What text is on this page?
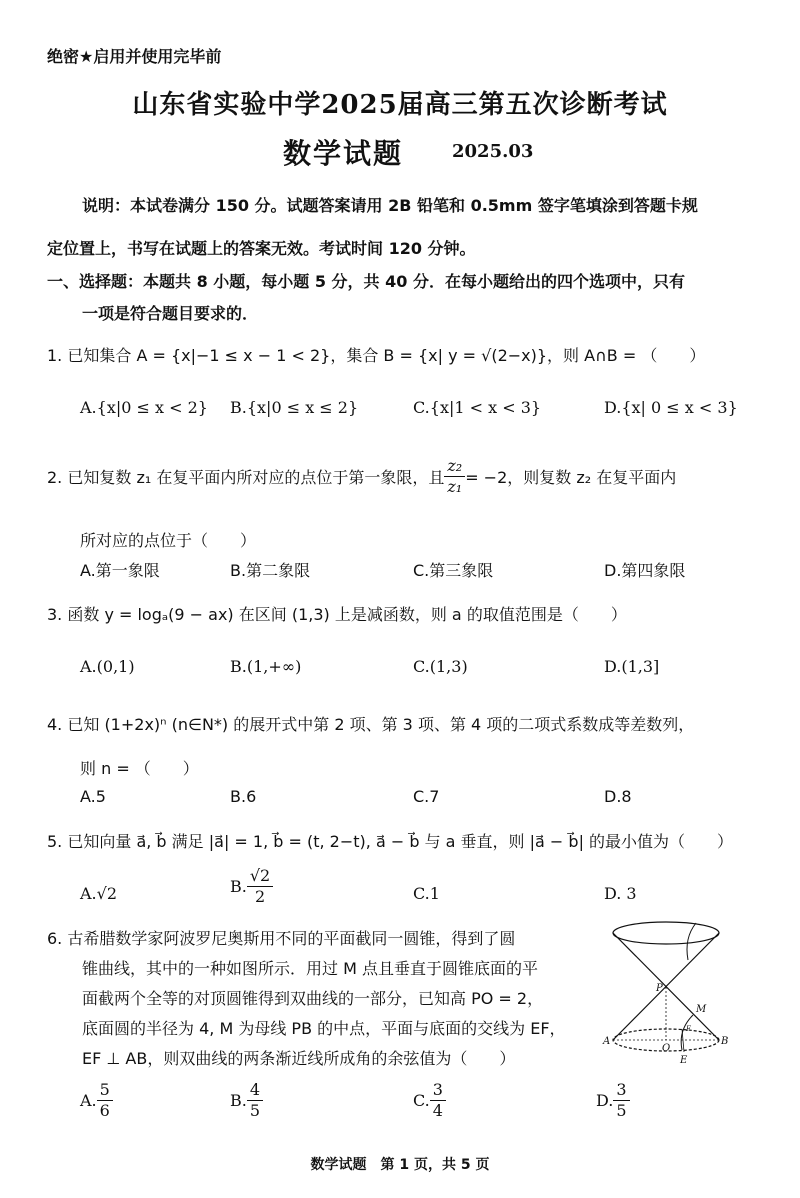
绝密★启用并使用完毕前
山东省实验中学2025届高三第五次诊断考试
数学试题	2025.03
说明：本试卷满分 150 分。试题答案请用 2B 铅笔和 0.5mm 签字笔填涂到答题卡规
定位置上，书写在试题上的答案无效。考试时间 120 分钟。
一、选择题：本题共 8 小题，每小题 5 分，共 40 分．在每小题给出的四个选项中，只有
一项是符合题目要求的．
1. 已知集合 A = {x|−1 ≤ x − 1 < 2}，集合 B = {x| y = √(2−x)}，则 A∩B = （　　）
A.{x|0 ≤ x < 2} B.{x|0 ≤ x ≤ 2}	C.{x|1 < x < 3}	D.{x| 0 ≤ x < 3}
2. 已知复数 z₁ 在复平面内所对应的点位于第一象限，且 $\frac{\text{z₂}}{\text{z₁}} = -2$，则复数 z₂ 在复平面内
所对应的点位于（　　）
A.第一象限	B.第二象限	C.第三象限	D.第四象限
3. 函数 y = logₐ(9 − ax) 在区间 (1,3) 上是减函数，则 a 的取值范围是（　　）
A.(0,1)	B.(1,+∞)	C.(1,3)	D.(1,3]
4. 已知 (1+2x)ⁿ (n∈N*) 的展开式中第 2 项、第 3 项、第 4 项的二项式系数成等差数列，
则 n = （　　）
A.5	B.6	C.7	D.8
5. 已知向量 a⃗, b⃗ 满足 |a⃗| = 1, b⃗ = (t, 2−t), a⃗ − b⃗ 与 a 垂直，则 |a⃗ − b⃗| 的最小值为（　　）
A.√2	B. $\frac{√2}{2}$	C.1	D. 3
6. 古希腊数学家阿波罗尼奥斯用不同的平面截同一圆锥，得到了圆
锥曲线，其中的一种如图所示．用过 M 点且垂直于圆锥底面的平
面截两个全等的对顶圆锥得到双曲线的一部分，已知高 PO = 2，
底面圆的半径为 4, M 为母线 PB 的中点，平面与底面的交线为 EF，
EF ⊥ AB，则双曲线的两条渐近线所成角的余弦值为（　　）
A. $\frac{5}{6}$	B. $\frac{4}{5}$	C. $\frac{3}{4}$	D. $\frac{3}{5}$
P
M
A
O
B
E
F
数学试题　第 1 页，共 5 页
